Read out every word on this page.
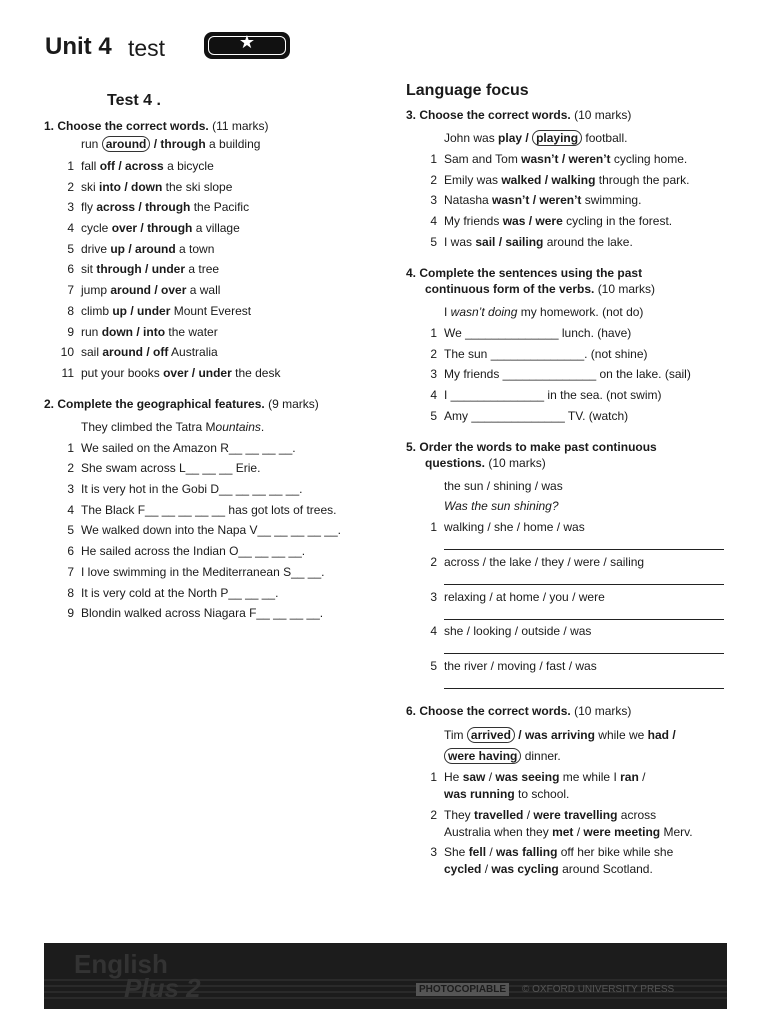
Unit 4 test	★
Test 4 .
Language focus
1. Choose the correct words. (11 marks)
run around / through a building
1 fall off / across a bicycle
2 ski into / down the ski slope
3 fly across / through the Pacific
4 cycle over / through a village
5 drive up / around a town
6 sit through / under a tree
7 jump around / over a wall
8 climb up / under Mount Everest
9 run down / into the water
10 sail around / off Australia
11 put your books over / under the desk
2. Complete the geographical features. (9 marks)
They climbed the Tatra Mountains.
1 We sailed on the Amazon R__ __ __ __.
2 She swam across L__ __ __ Erie.
3 It is very hot in the Gobi D__ __ __ __ __.
4 The Black F__ __ __ __ __ has got lots of trees.
5 We walked down into the Napa V__ __ __ __ __.
6 He sailed across the Indian O__ __ __ __.
7 I love swimming in the Mediterranean S__ __.
8 It is very cold at the North P__ __ __.
9 Blondin walked across Niagara F__ __ __ __.
3. Choose the correct words. (10 marks)
John was play / playing football.
1 Sam and Tom wasn’t / weren’t cycling home.
2 Emily was walked / walking through the park.
3 Natasha wasn’t / weren’t swimming.
4 My friends was / were cycling in the forest.
5 I was sail / sailing around the lake.
4. Complete the sentences using the past
continuous form of the verbs. (10 marks)
I wasn’t doing my homework. (not do)
1 We ______________ lunch. (have)
2 The sun ______________. (not shine)
3 My friends ______________ on the lake. (sail)
4 I ______________ in the sea. (not swim)
5 Amy ______________ TV. (watch)
5. Order the words to make past continuous
questions. (10 marks)
the sun / shining / was
Was the sun shining?
1 walking / she / home / was
2 across / the lake / they / were / sailing
3 relaxing / at home / you / were
4 she / looking / outside / was
5 the river / moving / fast / was
6. Choose the correct words. (10 marks)
Tim arrived / was arriving while we had /
were having dinner.
1 He saw / was seeing me while I ran /
was running to school.
2 They travelled / were travelling across
Australia when they met / were meeting Merv.
3 She fell / was falling off her bike while she
cycled / was cycling around Scotland.
English
Plus 2	PHOTOCOPIABLE	© OXFORD UNIVERSITY PRESS
